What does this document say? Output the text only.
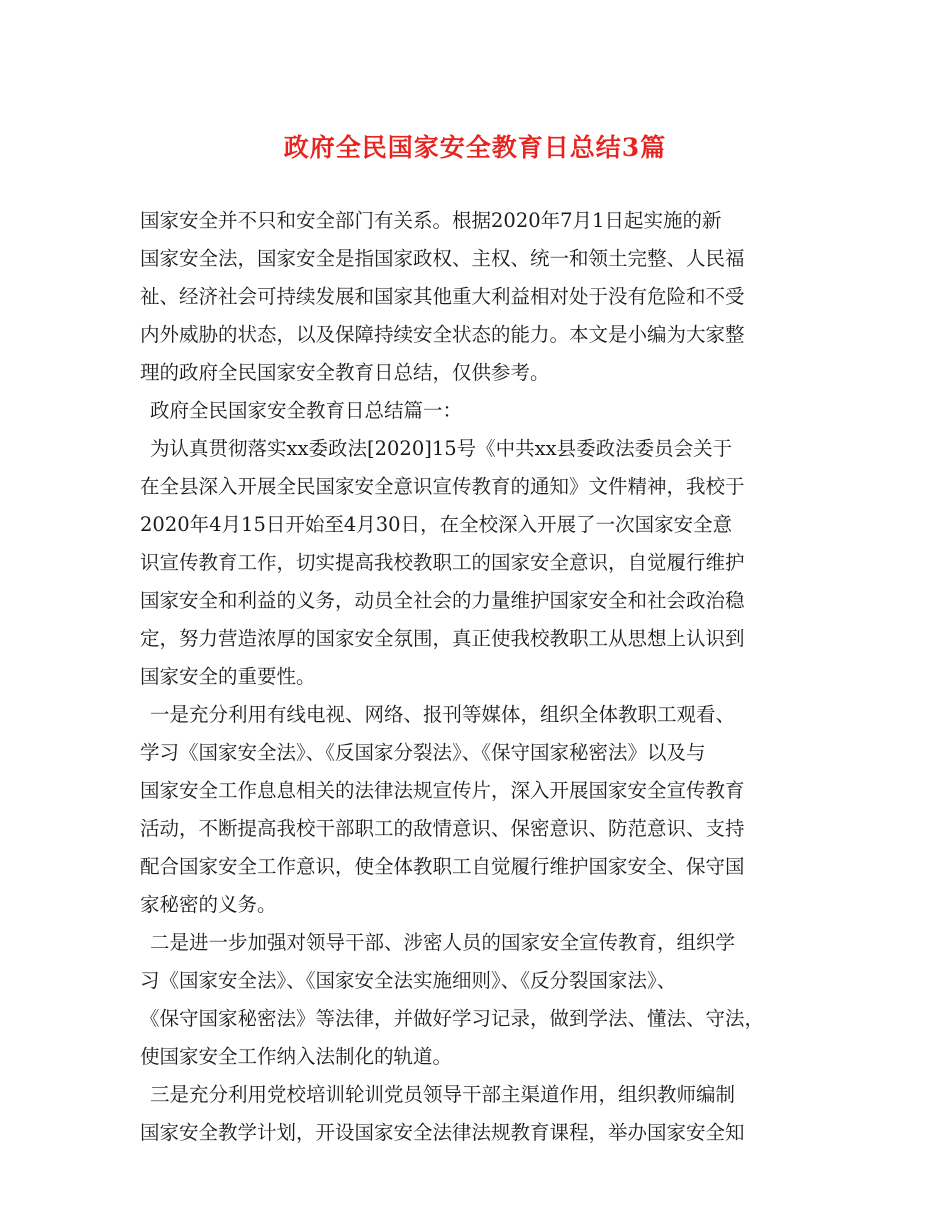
政府全民国家安全教育日总结3篇
国家安全并不只和安全部门有关系。根据2020年7月1日起实施的新
国家安全法，国家安全是指国家政权、主权、统一和领土完整、人民福
祉、经济社会可持续发展和国家其他重大利益相对处于没有危险和不受
内外威胁的状态，以及保障持续安全状态的能力。本文是小编为大家整
理的政府全民国家安全教育日总结，仅供参考。
政府全民国家安全教育日总结篇一：
为认真贯彻落实xx委政法[2020]15号《中共xx县委政法委员会关于
在全县深入开展全民国家安全意识宣传教育的通知》文件精神，我校于
2020年4月15日开始至4月30日，在全校深入开展了一次国家安全意
识宣传教育工作，切实提高我校教职工的国家安全意识，自觉履行维护
国家安全和利益的义务，动员全社会的力量维护国家安全和社会政治稳
定，努力营造浓厚的国家安全氛围，真正使我校教职工从思想上认识到
国家安全的重要性。
一是充分利用有线电视、网络、报刊等媒体，组织全体教职工观看、
学习《国家安全法》、《反国家分裂法》、《保守国家秘密法》以及与
国家安全工作息息相关的法律法规宣传片，深入开展国家安全宣传教育
活动，不断提高我校干部职工的敌情意识、保密意识、防范意识、支持
配合国家安全工作意识，使全体教职工自觉履行维护国家安全、保守国
家秘密的义务。
二是进一步加强对领导干部、涉密人员的国家安全宣传教育，组织学
习《国家安全法》、《国家安全法实施细则》、《反分裂国家法》、
《保守国家秘密法》等法律，并做好学习记录，做到学法、懂法、守法，
使国家安全工作纳入法制化的轨道。
三是充分利用党校培训轮训党员领导干部主渠道作用，组织教师编制
国家安全教学计划，开设国家安全法律法规教育课程，举办国家安全知
